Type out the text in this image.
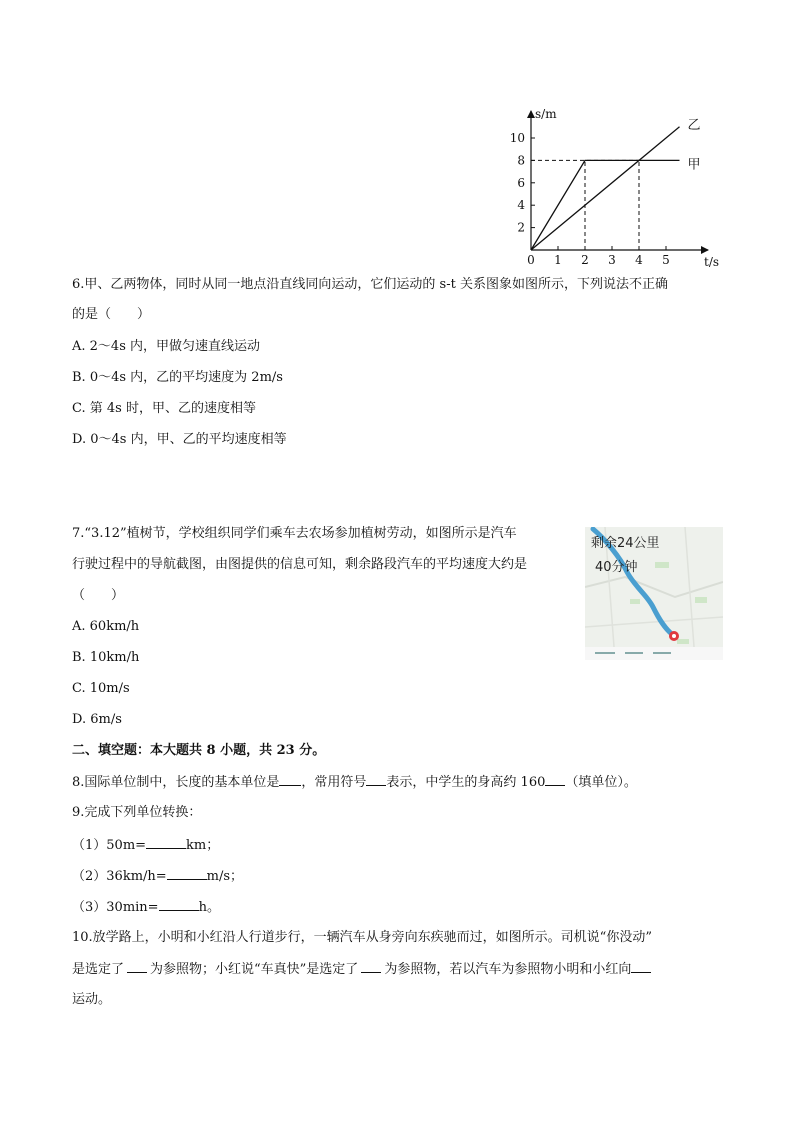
2
4
6
8
10
0 1 2 3 4 5
s/m
t/s
甲
乙
6.甲、乙两物体，同时从同一地点沿直线同向运动，它们运动的 s-t 关系图象如图所示，下列说法不正确
的是（　　）
A. 2～4s 内，甲做匀速直线运动
B. 0～4s 内，乙的平均速度为 2m/s
C. 第 4s 时，甲、乙的速度相等
D. 0～4s 内，甲、乙的平均速度相等
7.“3.12”植树节，学校组织同学们乘车去农场参加植树劳动，如图所示是汽车
行驶过程中的导航截图，由图提供的信息可知，剩余路段汽车的平均速度大约是
（　　）
A. 60km/h
B. 10km/h
C. 10m/s
D. 6m/s
剩余24公里
40分钟
二、填空题：本大题共 8 小题，共 23 分。
8.国际单位制中，长度的基本单位是 ，常用符号 表示，中学生的身高约 160 （填单位）。
9.完成下列单位转换：
（1）50m=	km；
（2）36km/h=	m/s；
（3）30min=	h。
10.放学路上，小明和小红沿人行道步行，一辆汽车从身旁向东疾驰而过，如图所示。司机说“你没动”
是选定了 为参照物；小红说“车真快”是选定了 为参照物，若以汽车为参照物小明和小红向
运动。
